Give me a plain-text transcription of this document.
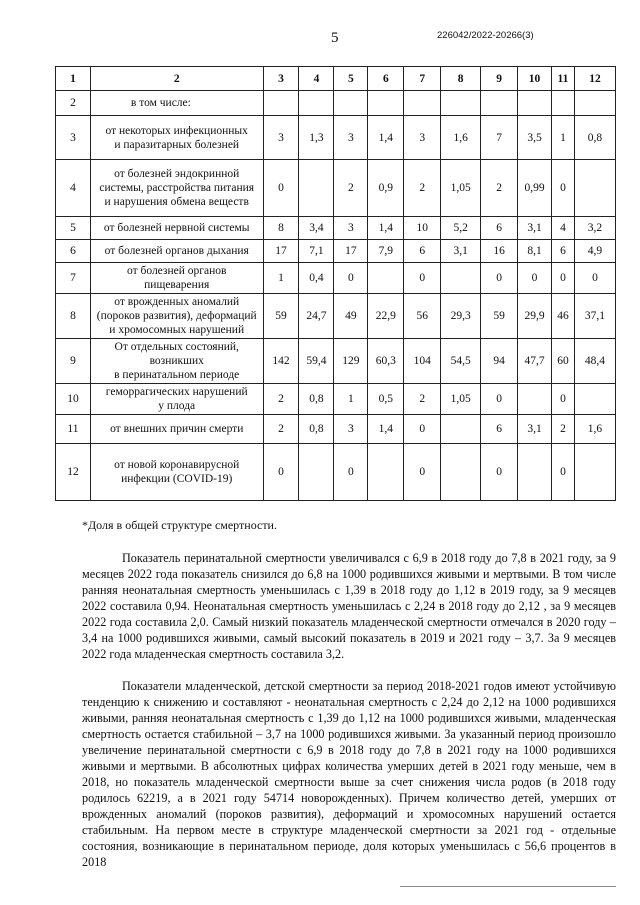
5	226042/2022-20266(3)
1	2	3	4	5	6	7	8	9	10	11	12
2	в том числе:										
3	от некоторых инфекционных
и паразитарных болезней	3	1,3	3	1,4	3	1,6	7	3,5	1	0,8
4	от болезней эндокринной
системы, расстройства питания
и нарушения обмена веществ	0		2	0,9	2	1,05	2	0,99	0	
5	от болезней нервной системы	8	3,4	3	1,4	10	5,2	6	3,1	4	3,2
6	от болезней органов дыхания	17	7,1	17	7,9	6	3,1	16	8,1	6	4,9
7	от болезней органов
пищеварения	1	0,4	0		0		0	0	0	0
8	от врожденных аномалий
(пороков развития), деформаций
и хромосомных нарушений	59	24,7	49	22,9	56	29,3	59	29,9	46	37,1
9	От отдельных состояний,
возникших
в перинатальном периоде	142	59,4	129	60,3	104	54,5	94	47,7	60	48,4
10	геморрагических нарушений
у плода	2	0,8	1	0,5	2	1,05	0		0	
11	от внешних причин смерти	2	0,8	3	1,4	0		6	3,1	2	1,6
12	от новой коронавирусной
инфекции (COVID-19)	0		0		0		0		0	
*Доля в общей структуре смертности.

Показатель перинатальной смертности увеличивался с 6,9 в 2018 году до 7,8 в 2021 году, за 9 месяцев 2022 года показатель снизился до 6,8 на 1000 родившихся живыми и мертвыми. В том числе ранняя неонатальная смертность уменьшилась с 1,39 в 2018 году до 1,12 в 2019 году, за 9 месяцев 2022 составила 0,94. Неонатальная смертность уменьшилась с 2,24 в 2018 году до 2,12 , за 9 месяцев 2022 года составила 2,0. Самый низкий показатель младенческой смертности отмечался в 2020 году – 3,4 на 1000 родившихся живыми, самый высокий показатель в 2019 и 2021 году – 3,7. За 9 месяцев 2022 года младенческая смертность составила 3,2.

Показатели младенческой, детской смертности за период 2018-2021 годов имеют устойчивую тенденцию к снижению и составляют - неонатальная смертность с 2,24 до 2,12 на 1000 родившихся живыми, ранняя неонатальная смертность с 1,39 до 1,12 на 1000 родившихся живыми, младенческая смертность остается стабильной – 3,7 на 1000 родившихся живыми. За указанный период произошло увеличение перинатальной смертности с 6,9 в 2018 году до 7,8 в 2021 году на 1000 родившихся живыми и мертвыми. В абсолютных цифрах количества умерших детей в 2021 году меньше, чем в 2018, но показатель младенческой смертности выше за счет снижения числа родов (в 2018 году родилось 62219, а в 2021 году 54714 новорожденных). Причем количество детей, умерших от врожденных аномалий (пороков развития), деформаций и хромосомных нарушений остается стабильным. На первом месте в структуре младенческой смертности за 2021 год - отдельные состояния, возникающие в перинатальном периоде, доля которых уменьшилась с 56,6 процентов в 2018
